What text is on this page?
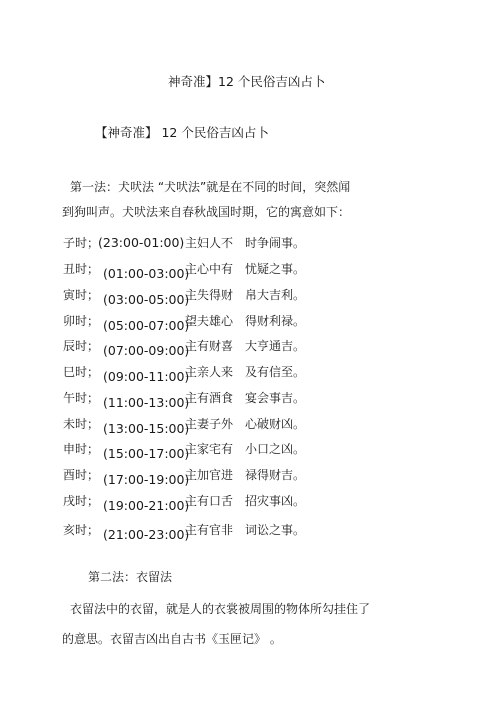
神奇准】12 个民俗吉凶占卜
【神奇准】 12 个民俗吉凶占卜
第一法：犬吠法 “犬吠法”就是在不同的时间，突然闻
到狗叫声。犬吠法来自春秋战国时期，它的寓意如下：
子时；
(23:00-01:00) 主妇人不 时争闹事。
丑时； (01:00-03:00)
主心中有 忧疑之事。
寅时； (03:00-05:00)
主失得财 帛大吉利。
卯时； (05:00-07:00)
望夫雄心 得财利禄。
辰时； (07:00-09:00)
主有财喜 大亨通吉。
巳时； (09:00-11:00)
主亲人来 及有信至。
午时； (11:00-13:00)
主有酒食 宴会事吉。
未时； (13:00-15:00)
主妻子外 心破财凶。
申时； (15:00-17:00)
主家宅有 小口之凶。
酉时； (17:00-19:00)
主加官进 禄得财吉。
戌时； (19:00-21:00)
主有口舌 招灾事凶。
亥时； (21:00-23:00)
主有官非 词讼之事。
第二法：衣留法
衣留法中的衣留，就是人的衣裳被周围的物体所勾挂住了
的意思。衣留吉凶出自古书《玉匣记》 。
